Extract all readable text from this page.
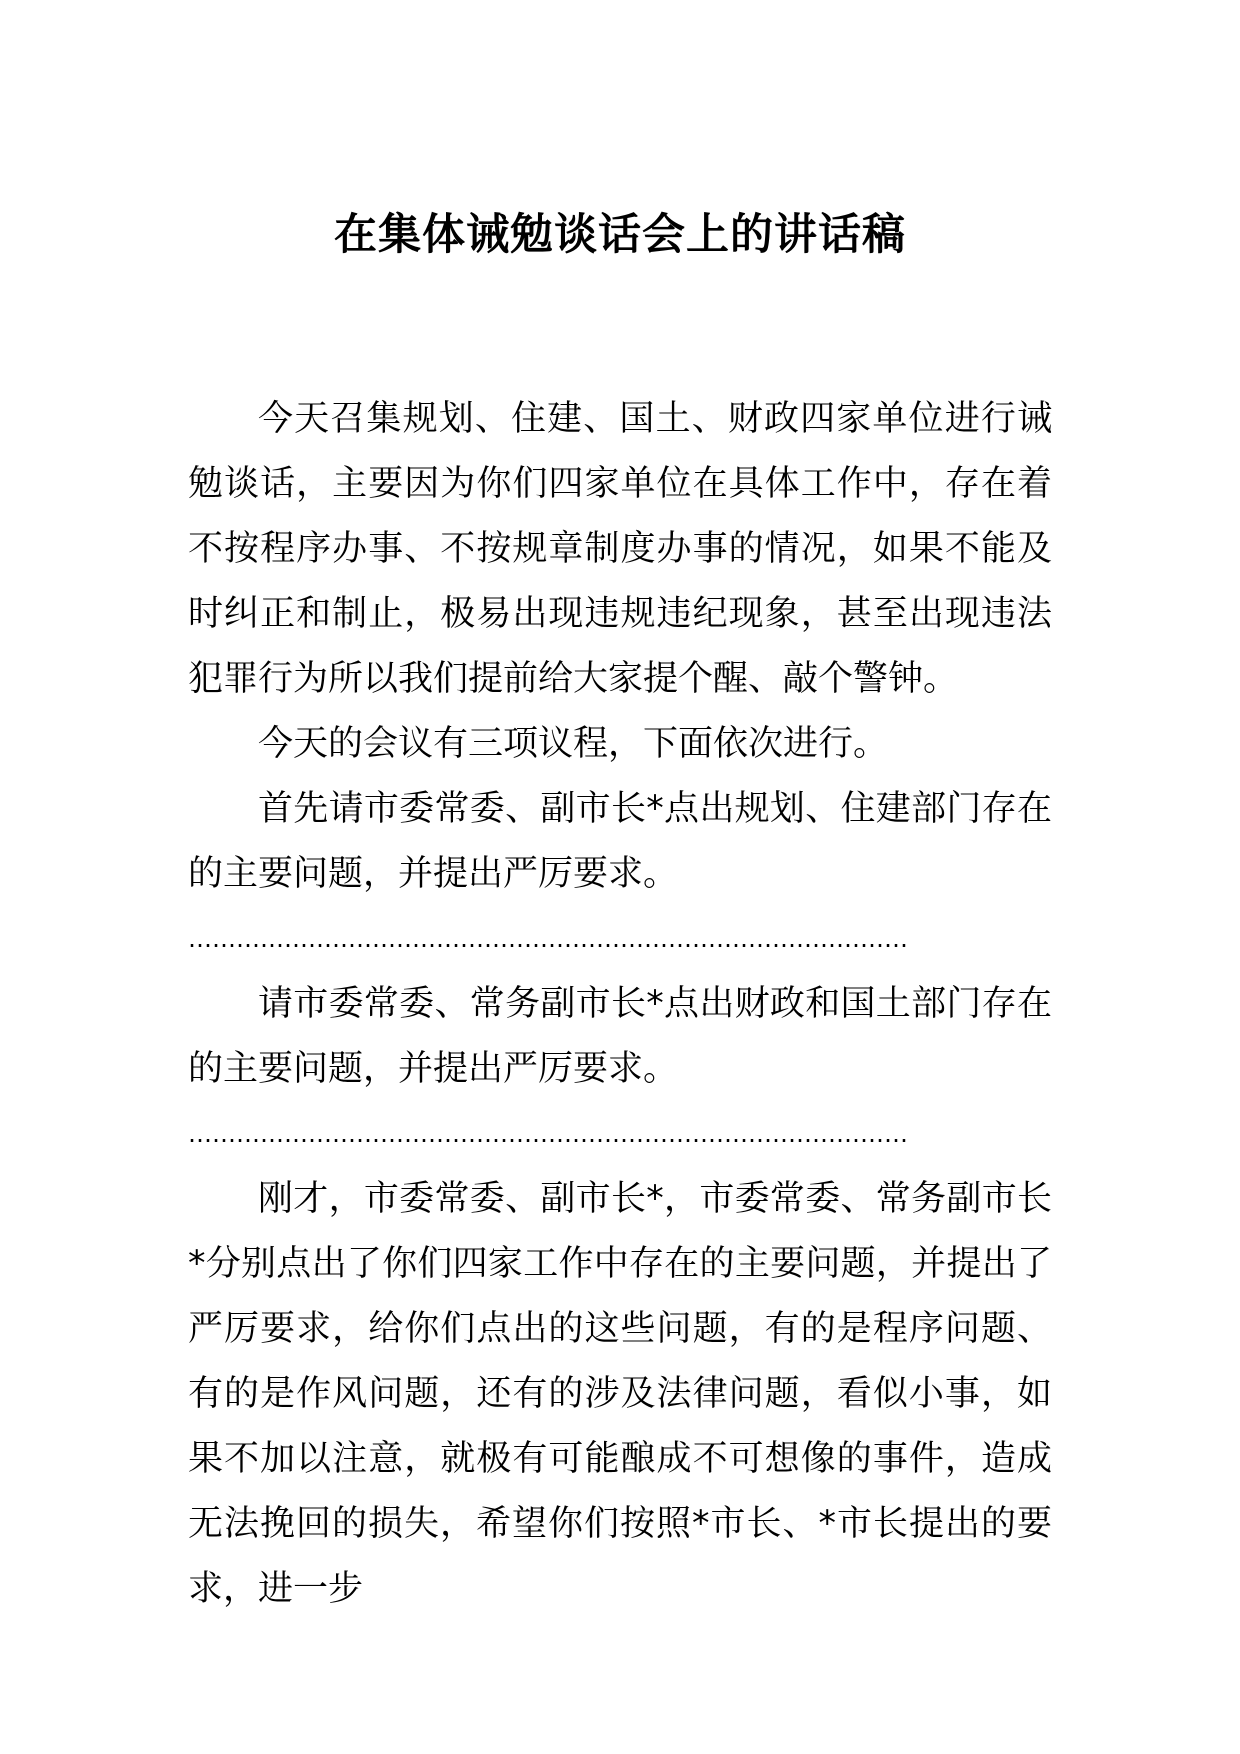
在集体诫勉谈话会上的讲话稿

今天召集规划、住建、国土、财政四家单位进行诫勉谈话，主要因为你们四家单位在具体工作中，存在着不按程序办事、不按规章制度办事的情况，如果不能及时纠正和制止，极易出现违规违纪现象，甚至出现违法犯罪行为所以我们提前给大家提个醒、敲个警钟。

今天的会议有三项议程，下面依次进行。

首先请市委常委、副市长*点出规划、住建部门存在的主要问题，并提出严厉要求。

………………………………………………………………………………

请市委常委、常务副市长*点出财政和国土部门存在的主要问题，并提出严厉要求。

………………………………………………………………………………

刚才，市委常委、副市长*，市委常委、常务副市长*分别点出了你们四家工作中存在的主要问题，并提出了严厉要求，给你们点出的这些问题，有的是程序问题、有的是作风问题，还有的涉及法律问题，看似小事，如果不加以注意，就极有可能酿成不可想像的事件，造成无法挽回的损失，希望你们按照*市长、*市长提出的要求，进一步
